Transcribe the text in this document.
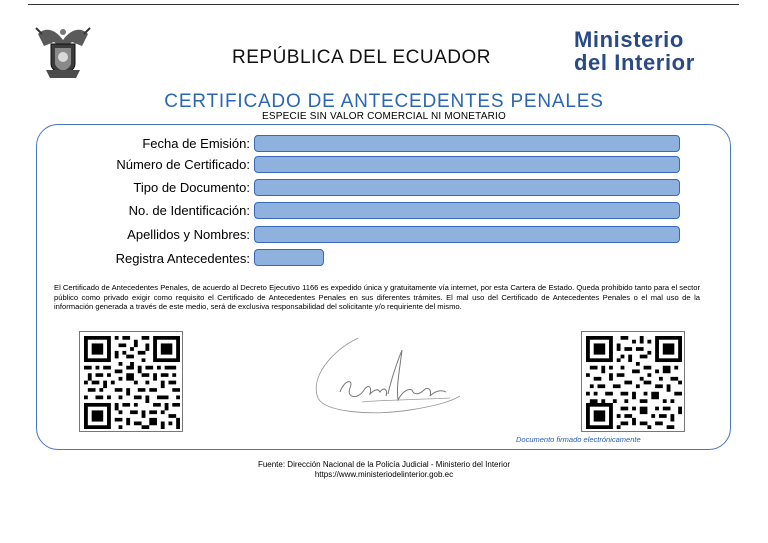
REPÚBLICA DEL ECUADOR
Ministerio
del Interior
CERTIFICADO DE ANTECEDENTES PENALES
ESPECIE SIN VALOR COMERCIAL NI MONETARIO
Fecha de Emisión:
Número de Certificado:
Tipo de Documento:
No. de Identificación:
Apellidos y Nombres:
Registra Antecedentes:
El Certificado de Antecedentes Penales, de acuerdo al Decreto Ejecutivo 1166 es expedido única y gratuitamente vía internet, por esta Cartera de Estado. Queda prohibido tanto para el sector público como privado exigir como requisito el Certificado de Antecedentes Penales en sus diferentes trámites. El mal uso del Certificado de Antecedentes Penales o el mal uso de la información generada a través de este medio, será de exclusiva responsabilidad del solicitante y/o requiriente del mismo.
Documento firmado electrónicamente
Fuente: Dirección Nacional de la Policía Judicial - Ministerio del Interior
https://www.ministeriodelinterior.gob.ec
